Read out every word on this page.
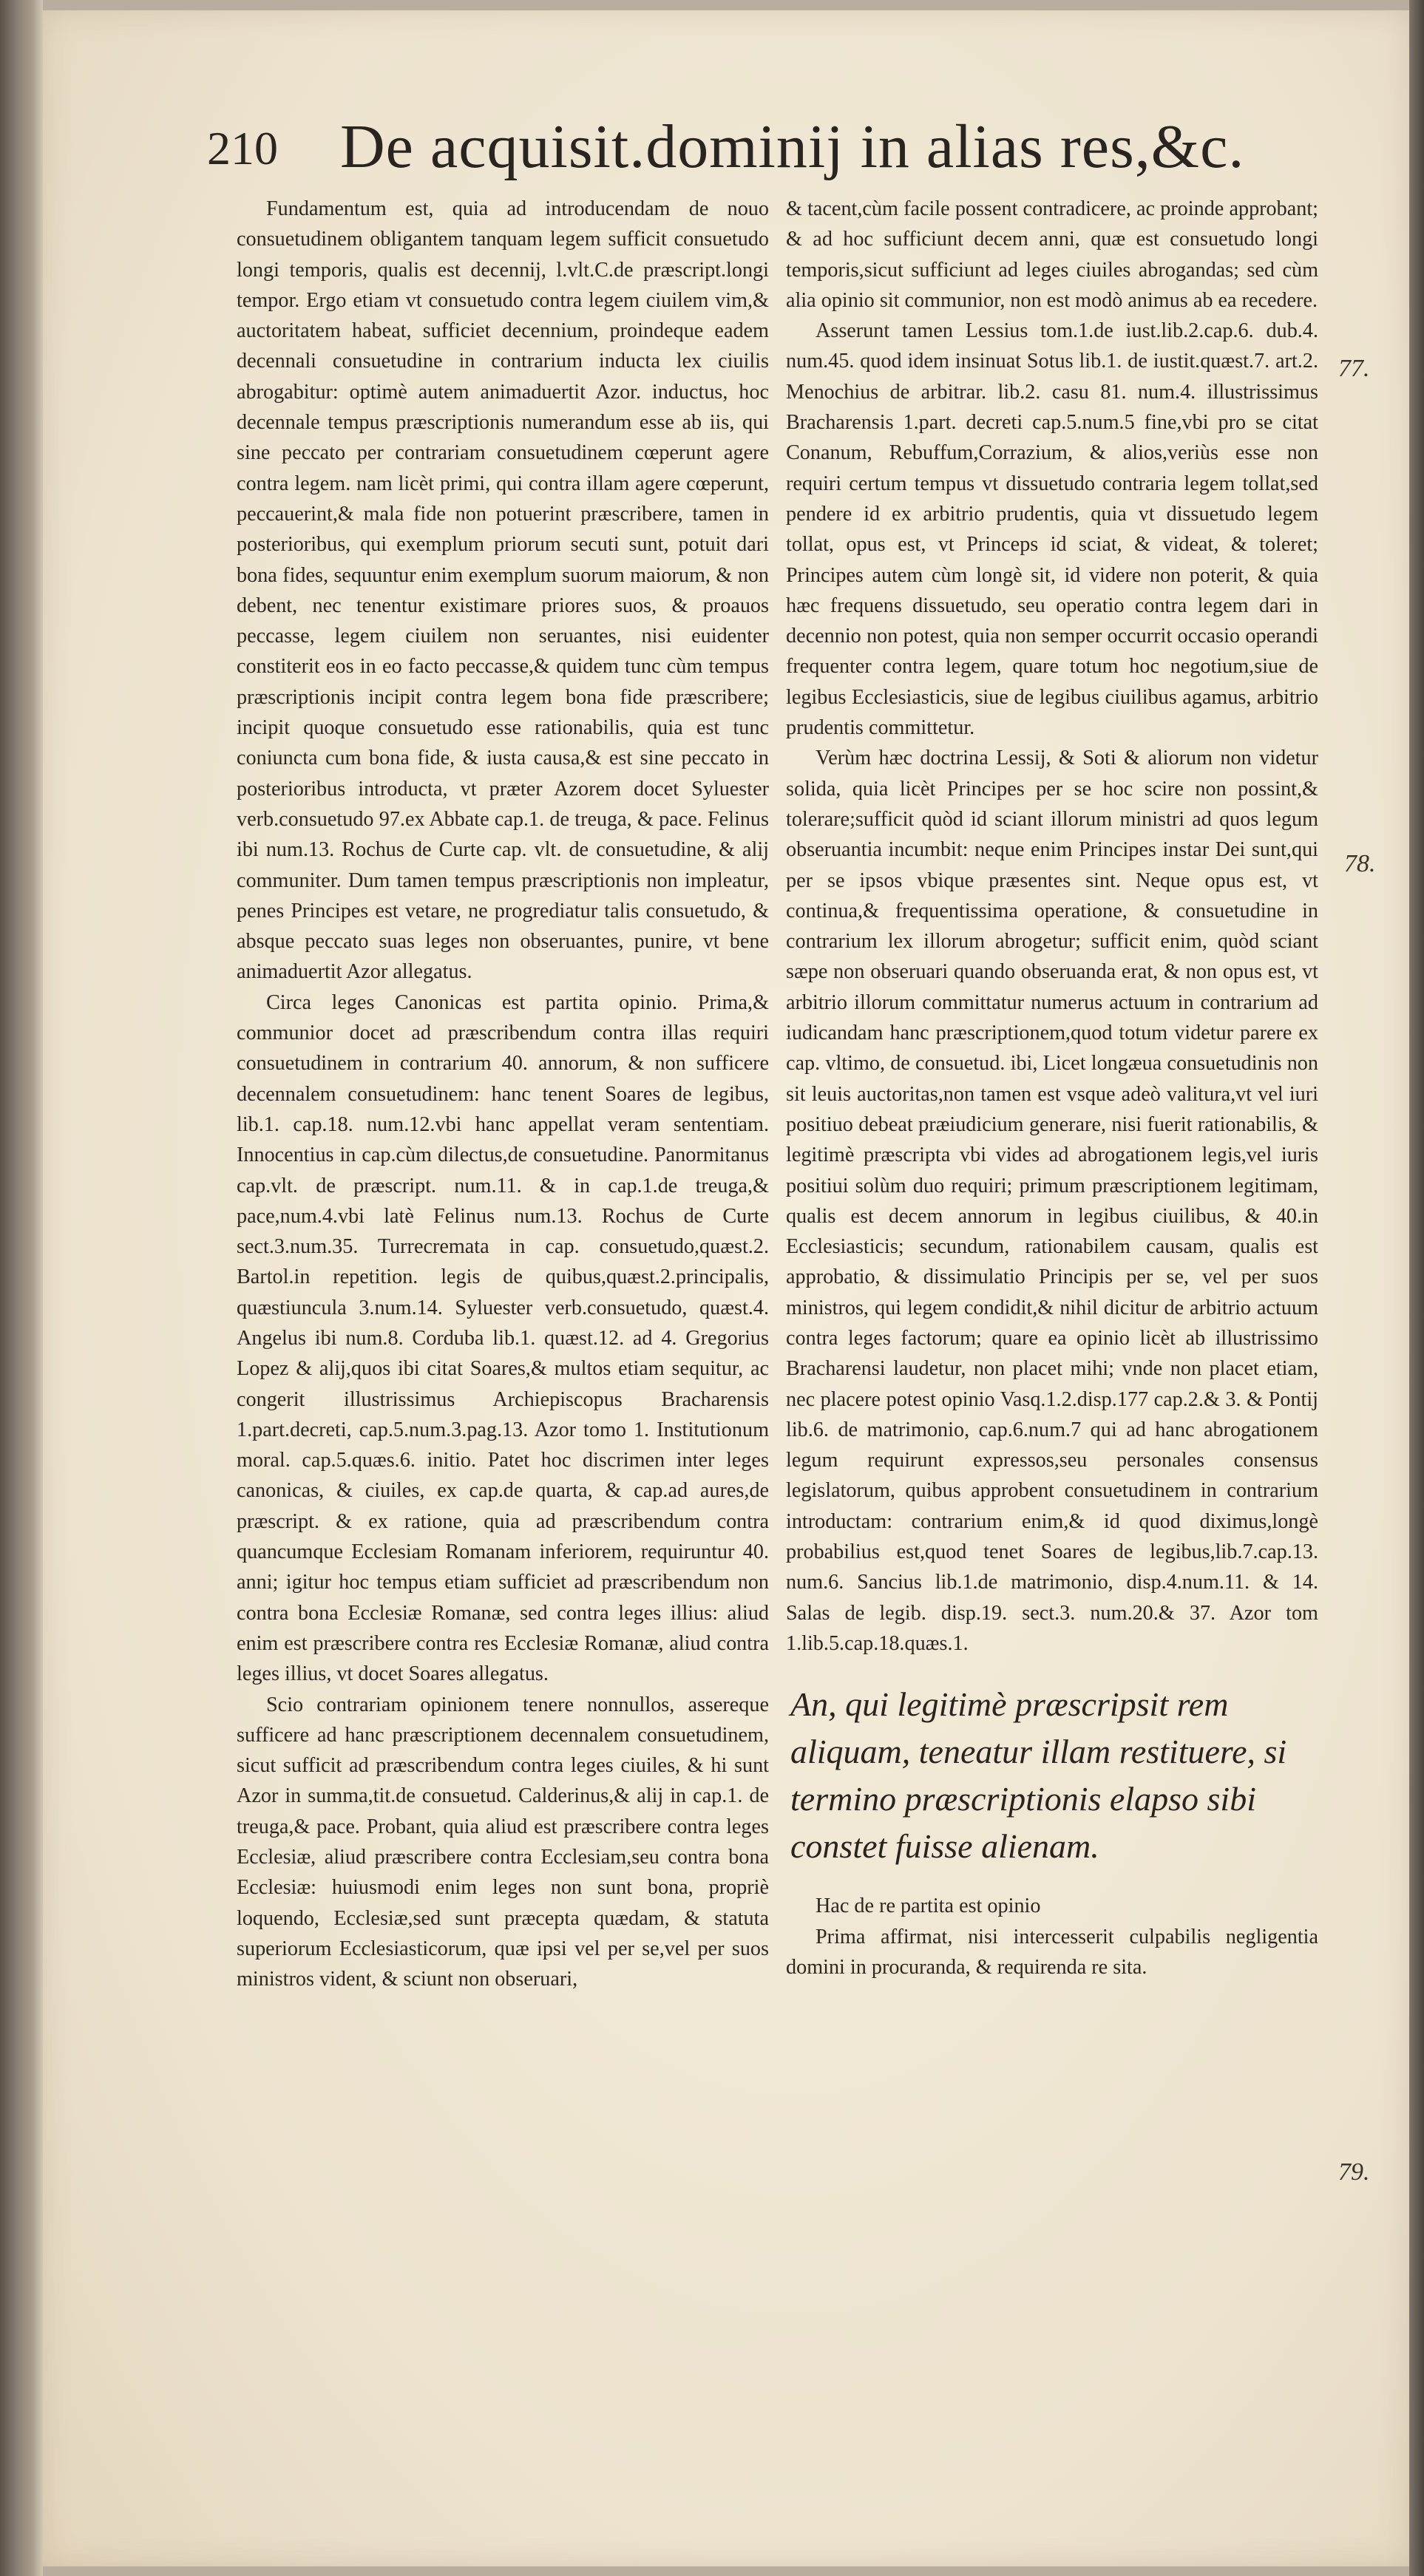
210 De acquisit.dominij in alias res,&c.

Fundamentum est, quia ad introducendam de nouo consuetudinem obligantem tanquam legem sufficit consuetudo longi temporis, qualis est decennij, l.vlt.C.de præscript.longi tempor. Ergo etiam vt consuetudo contra legem ciuilem vim,& auctoritatem habeat, sufficiet decennium, proindeque eadem decennali consuetudine in contrarium inducta lex ciuilis abrogabitur: optimè autem animaduertit Azor. inductus, hoc decennale tempus præscriptionis numerandum esse ab iis, qui sine peccato per contrariam consuetudinem cœperunt agere contra legem. nam licèt primi, qui contra illam agere cœperunt, peccauerint,& mala fide non potuerint præscribere, tamen in posterioribus, qui exemplum priorum secuti sunt, potuit dari bona fides, sequuntur enim exemplum suorum maiorum, & non debent, nec tenentur existimare priores suos, & proauos peccasse, legem ciuilem non seruantes, nisi euidenter constiterit eos in eo facto peccasse,& quidem tunc cùm tempus præscriptionis incipit contra legem bona fide præscribere; incipit quoque consuetudo esse rationabilis, quia est tunc coniuncta cum bona fide, & iusta causa,& est sine peccato in posterioribus introducta, vt præter Azorem docet Syluester verb.consuetudo 97.ex Abbate cap.1. de treuga, & pace. Felinus ibi num.13. Rochus de Curte cap. vlt. de consuetudine, & alij communiter. Dum tamen tempus præscriptionis non impleatur, penes Principes est vetare, ne progrediatur talis consuetudo, & absque peccato suas leges non obseruantes, punire, vt bene animaduertit Azor allegatus.

Circa leges Canonicas est partita opinio. Prima,& communior docet ad præscribendum contra illas requiri consuetudinem in contrarium 40. annorum, & non sufficere decennalem consuetudinem: hanc tenent Soares de legibus, lib.1. cap.18. num.12.vbi hanc appellat veram sententiam. Innocentius in cap.cùm dilectus,de consuetudine. Panormitanus cap.vlt. de præscript. num.11. & in cap.1.de treuga,& pace,num.4.vbi latè Felinus num.13. Rochus de Curte sect.3.num.35. Turrecremata in cap. consuetudo,quæst.2. Bartol.in repetition. legis de quibus,quæst.2.principalis, quæstiuncula 3.num.14. Syluester verb.consuetudo, quæst.4. Angelus ibi num.8. Corduba lib.1. quæst.12. ad 4. Gregorius Lopez & alij,quos ibi citat Soares,& multos etiam sequitur, ac congerit illustrissimus Archiepiscopus Bracharensis 1.part.decreti, cap.5.num.3.pag.13. Azor tomo 1. Institutionum moral. cap.5.quæs.6. initio. Patet hoc discrimen inter leges canonicas, & ciuiles, ex cap.de quarta, & cap.ad aures,de præscript. & ex ratione, quia ad præscribendum contra quancumque Ecclesiam Romanam inferiorem, requiruntur 40. anni; igitur hoc tempus etiam sufficiet ad præscribendum non contra bona Ecclesiæ Romanæ, sed contra leges illius: aliud enim est præscribere contra res Ecclesiæ Romanæ, aliud contra leges illius, vt docet Soares allegatus.

Scio contrariam opinionem tenere nonnullos, assereque sufficere ad hanc præscriptionem decennalem consuetudinem, sicut sufficit ad præscribendum contra leges ciuiles, & hi sunt Azor in summa,tit.de consuetud. Calderinus,& alij in cap.1. de treuga,& pace. Probant, quia aliud est præscribere contra leges Ecclesiæ, aliud præscribere contra Ecclesiam,seu contra bona Ecclesiæ: huiusmodi enim leges non sunt bona, propriè loquendo, Ecclesiæ,sed sunt præcepta quædam, & statuta superiorum Ecclesiasticorum, quæ ipsi vel per se,vel per suos ministros vident, & sciunt non obseruari,

& tacent,cùm facile possent contradicere, ac proinde approbant; & ad hoc sufficiunt decem anni, quæ est consuetudo longi temporis,sicut sufficiunt ad leges ciuiles abrogandas; sed cùm alia opinio sit communior, non est modò animus ab ea recedere.

Asserunt tamen Lessius tom.1.de iust.lib.2.cap.6. dub.4. num.45. quod idem insinuat Sotus lib.1. de iustit.quæst.7. art.2. Menochius de arbitrar. lib.2. casu 81. num.4. illustrissimus Bracharensis 1.part. decreti cap.5.num.5 fine,vbi pro se citat Conanum, Rebuffum,Corrazium, & alios,veriùs esse non requiri certum tempus vt dissuetudo contraria legem tollat,sed pendere id ex arbitrio prudentis, quia vt dissuetudo legem tollat, opus est, vt Princeps id sciat, & videat, & toleret; Principes autem cùm longè sit, id videre non poterit, & quia hæc frequens dissuetudo, seu operatio contra legem dari in decennio non potest, quia non semper occurrit occasio operandi frequenter contra legem, quare totum hoc negotium,siue de legibus Ecclesiasticis, siue de legibus ciuilibus agamus, arbitrio prudentis committetur.

Verùm hæc doctrina Lessij, & Soti & aliorum non videtur solida, quia licèt Principes per se hoc scire non possint,& tolerare;sufficit quòd id sciant illorum ministri ad quos legum obseruantia incumbit: neque enim Principes instar Dei sunt,qui per se ipsos vbique præsentes sint. Neque opus est, vt continua,& frequentissima operatione, & consuetudine in contrarium lex illorum abrogetur; sufficit enim, quòd sciant sæpe non obseruari quando obseruanda erat, & non opus est, vt arbitrio illorum committatur numerus actuum in contrarium ad iudicandam hanc præscriptionem,quod totum videtur parere ex cap. vltimo, de consuetud. ibi, Licet longæua consuetudinis non sit leuis auctoritas,non tamen est vsque adeò valitura,vt vel iuri positiuo debeat præiudicium generare, nisi fuerit rationabilis, & legitimè præscripta vbi vides ad abrogationem legis,vel iuris positiui solùm duo requiri; primum præscriptionem legitimam, qualis est decem annorum in legibus ciuilibus, & 40.in Ecclesiasticis; secundum, rationabilem causam, qualis est approbatio, & dissimulatio Principis per se, vel per suos ministros, qui legem condidit,& nihil dicitur de arbitrio actuum contra leges factorum; quare ea opinio licèt ab illustrissimo Bracharensi laudetur, non placet mihi; vnde non placet etiam, nec placere potest opinio Vasq.1.2.disp.177 cap.2.& 3. & Pontij lib.6. de matrimonio, cap.6.num.7 qui ad hanc abrogationem legum requirunt expressos,seu personales consensus legislatorum, quibus approbent consuetudinem in contrarium introductam: contrarium enim,& id quod diximus,longè probabilius est,quod tenet Soares de legibus,lib.7.cap.13. num.6. Sancius lib.1.de matrimonio, disp.4.num.11. & 14. Salas de legib. disp.19. sect.3. num.20.& 37. Azor tom 1.lib.5.cap.18.quæs.1.

An, qui legitimè præscripsit rem aliquam, teneatur illam restituere, si termino præscriptionis elapso sibi constet fuisse alienam.

Hac de re partita est opinio

Prima affirmat, nisi intercesserit culpabilis negligentia domini in procuranda, & requirenda re sita.

77.
78.
79.
